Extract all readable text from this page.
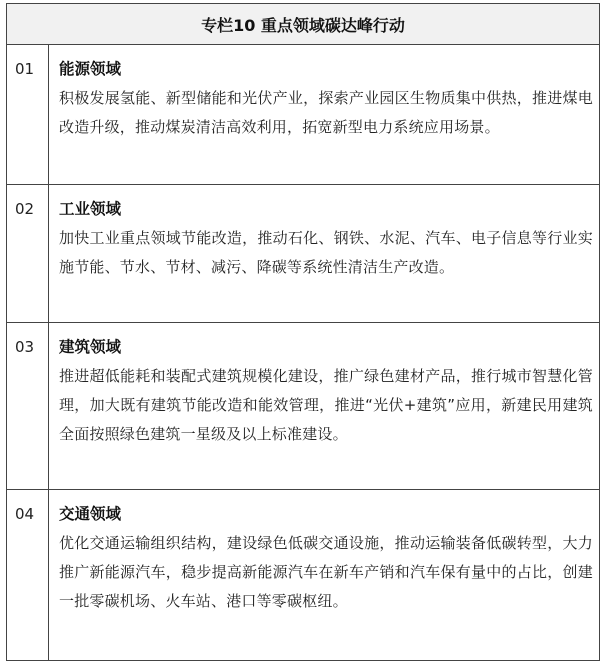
专栏10 重点领域碳达峰行动
01	能源领域
积极发展氢能、新型储能和光伏产业，探索产业园区生物质集中供热，推进煤电改造升级，推动煤炭清洁高效利用，拓宽新型电力系统应用场景。
02	工业领域
加快工业重点领域节能改造，推动石化、钢铁、水泥、汽车、电子信息等行业实施节能、节水、节材、减污、降碳等系统性清洁生产改造。
03	建筑领域
推进超低能耗和装配式建筑规模化建设，推广绿色建材产品，推行城市智慧化管理，加大既有建筑节能改造和能效管理，推进“光伏+建筑”应用，新建民用建筑全面按照绿色建筑一星级及以上标准建设。
04	交通领域
优化交通运输组织结构，建设绿色低碳交通设施，推动运输装备低碳转型，大力推广新能源汽车，稳步提高新能源汽车在新车产销和汽车保有量中的占比，创建一批零碳机场、火车站、港口等零碳枢纽。
